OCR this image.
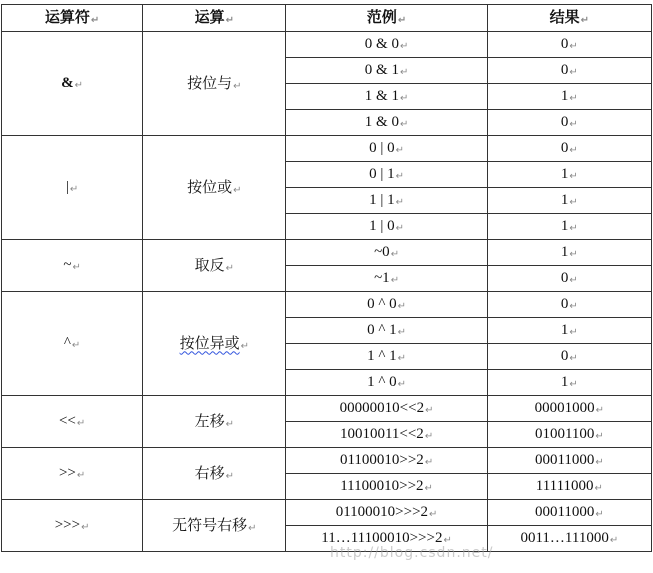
运算符↵	运算↵	范例↵	结果↵
&↵	按位与↵	0 & 0↵	0↵
		0 & 1↵	0↵
		1 & 1↵	1↵
		1 & 0↵	0↵
|↵	按位或↵	0 | 0↵	0↵
		0 | 1↵	1↵
		1 | 1↵	1↵
		1 | 0↵	1↵
~↵	取反↵	~0↵	1↵
		~1↵	0↵
^↵	按位异或↵	0 ^ 0↵	0↵
		0 ^ 1↵	1↵
		1 ^ 1↵	0↵
		1 ^ 0↵	1↵
<<↵	左移↵	00000010<<2↵	00001000↵
		10010011<<2↵	01001100↵
>>↵	右移↵	01100010>>2↵	00011000↵
		11100010>>2↵	11111000↵
>>>↵	无符号右移↵	01100010>>>2↵	00011000↵
		11…11100010>>>2↵	0011…111000↵
http://blog.csdn.net/
